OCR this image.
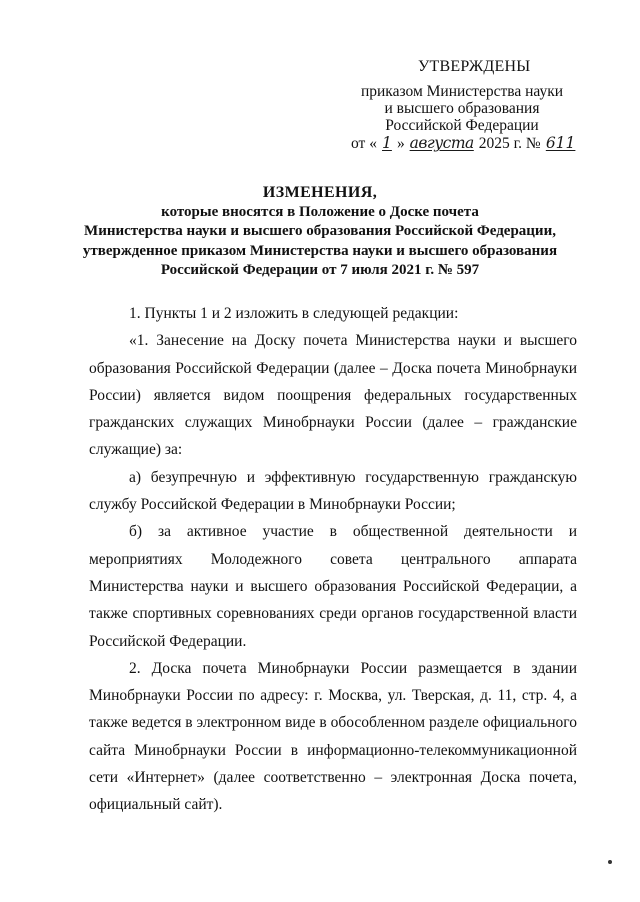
УТВЕРЖДЕНЫ
приказом Министерства науки
и высшего образования
Российской Федерации
от « 1 » августа 2025 г. № 611
ИЗМЕНЕНИЯ,
которые вносятся в Положение о Доске почета
Министерства науки и высшего образования Российской Федерации,
утвержденное приказом Министерства науки и высшего образования
Российской Федерации от 7 июля 2021 г. № 597

1. Пункты 1 и 2 изложить в следующей редакции:

«1. Занесение на Доску почета Министерства науки и высшего образования Российской Федерации (далее – Доска почета Минобрнауки России) является видом поощрения федеральных государственных гражданских служащих Минобрнауки России (далее – гражданские служащие) за:

а) безупречную и эффективную государственную гражданскую службу Российской Федерации в Минобрнауки России;

б) за активное участие в общественной деятельности и мероприятиях Молодежного совета центрального аппарата Министерства науки и высшего образования Российской Федерации, а также спортивных соревнованиях среди органов государственной власти Российской Федерации.

2. Доска почета Минобрнауки России размещается в здании Минобрнауки России по адресу: г. Москва, ул. Тверская, д. 11, стр. 4, а также ведется в электронном виде в обособленном разделе официального сайта Минобрнауки России в информационно-телекоммуникационной сети «Интернет» (далее соответственно – электронная Доска почета, официальный сайт).
